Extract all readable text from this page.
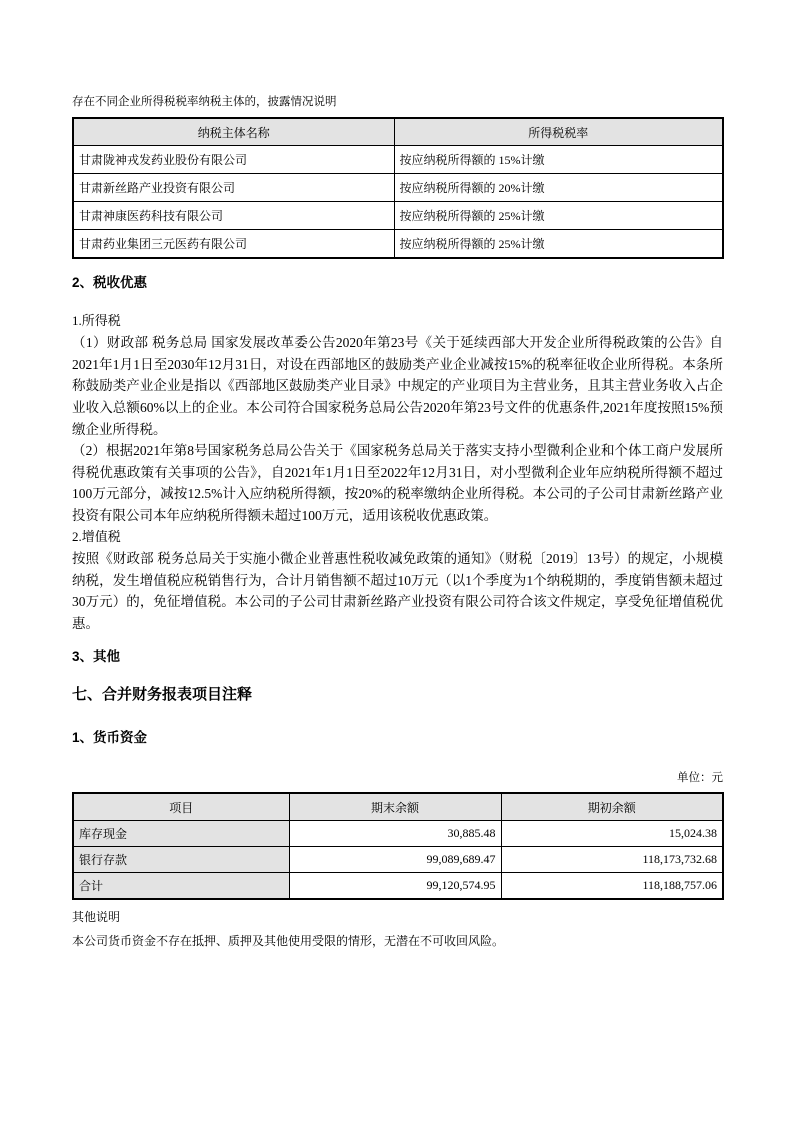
存在不同企业所得税税率纳税主体的，披露情况说明
纳税主体名称	所得税税率
甘肃陇神戎发药业股份有限公司	按应纳税所得额的 15%计缴
甘肃新丝路产业投资有限公司	按应纳税所得额的 20%计缴
甘肃神康医药科技有限公司	按应纳税所得额的 25%计缴
甘肃药业集团三元医药有限公司	按应纳税所得额的 25%计缴
2、税收优惠
1.所得税
（1）财政部 税务总局 国家发展改革委公告2020年第23号《关于延续西部大开发企业所得税政策的公告》自2021年1月1日至2030年12月31日，对设在西部地区的鼓励类产业企业减按15%的税率征收企业所得税。本条所称鼓励类产业企业是指以《西部地区鼓励类产业目录》中规定的产业项目为主营业务，且其主营业务收入占企业收入总额60%以上的企业。本公司符合国家税务总局公告2020年第23号文件的优惠条件,2021年度按照15%预缴企业所得税。
（2）根据2021年第8号国家税务总局公告关于《国家税务总局关于落实支持小型微利企业和个体工商户发展所得税优惠政策有关事项的公告》，自2021年1月1日至2022年12月31日，对小型微利企业年应纳税所得额不超过100万元部分，减按12.5%计入应纳税所得额，按20%的税率缴纳企业所得税。本公司的子公司甘肃新丝路产业投资有限公司本年应纳税所得额未超过100万元，适用该税收优惠政策。
2.增值税
按照《财政部 税务总局关于实施小微企业普惠性税收减免政策的通知》（财税〔2019〕13号）的规定，小规模纳税，发生增值税应税销售行为，合计月销售额不超过10万元（以1个季度为1个纳税期的，季度销售额未超过30万元）的，免征增值税。本公司的子公司甘肃新丝路产业投资有限公司符合该文件规定，享受免征增值税优惠。
3、其他
七、合并财务报表项目注释
1、货币资金
单位：元
项目	期末余额	期初余额
库存现金	30,885.48	15,024.38
银行存款	99,089,689.47	118,173,732.68
合计	99,120,574.95	118,188,757.06
其他说明
本公司货币资金不存在抵押、质押及其他使用受限的情形，无潜在不可收回风险。
